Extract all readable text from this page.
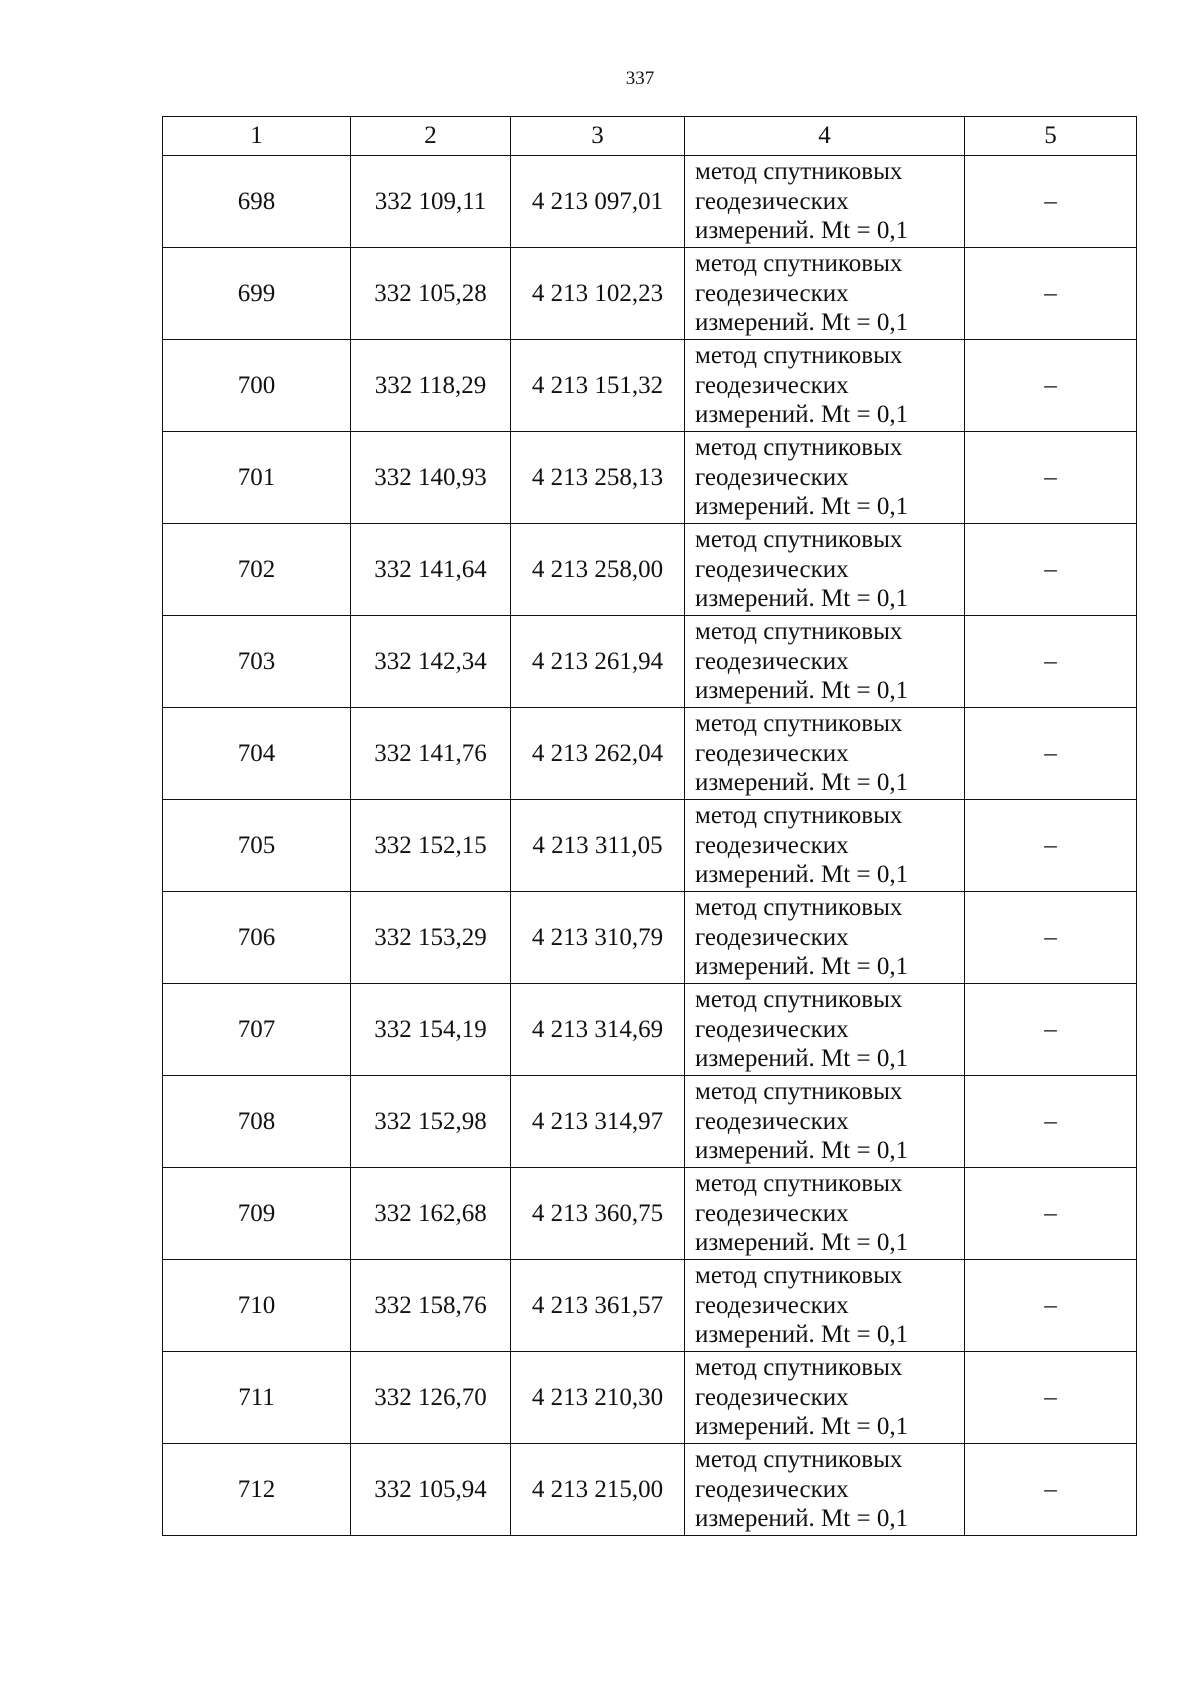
337
1	2	3	4	5
698	332 109,11	4 213 097,01	метод спутниковых
геодезических
измерений. Mt = 0,1	–
699	332 105,28	4 213 102,23	метод спутниковых
геодезических
измерений. Mt = 0,1	–
700	332 118,29	4 213 151,32	метод спутниковых
геодезических
измерений. Mt = 0,1	–
701	332 140,93	4 213 258,13	метод спутниковых
геодезических
измерений. Mt = 0,1	–
702	332 141,64	4 213 258,00	метод спутниковых
геодезических
измерений. Mt = 0,1	–
703	332 142,34	4 213 261,94	метод спутниковых
геодезических
измерений. Mt = 0,1	–
704	332 141,76	4 213 262,04	метод спутниковых
геодезических
измерений. Mt = 0,1	–
705	332 152,15	4 213 311,05	метод спутниковых
геодезических
измерений. Mt = 0,1	–
706	332 153,29	4 213 310,79	метод спутниковых
геодезических
измерений. Mt = 0,1	–
707	332 154,19	4 213 314,69	метод спутниковых
геодезических
измерений. Mt = 0,1	–
708	332 152,98	4 213 314,97	метод спутниковых
геодезических
измерений. Mt = 0,1	–
709	332 162,68	4 213 360,75	метод спутниковых
геодезических
измерений. Mt = 0,1	–
710	332 158,76	4 213 361,57	метод спутниковых
геодезических
измерений. Mt = 0,1	–
711	332 126,70	4 213 210,30	метод спутниковых
геодезических
измерений. Mt = 0,1	–
712	332 105,94	4 213 215,00	метод спутниковых
геодезических
измерений. Mt = 0,1	–
